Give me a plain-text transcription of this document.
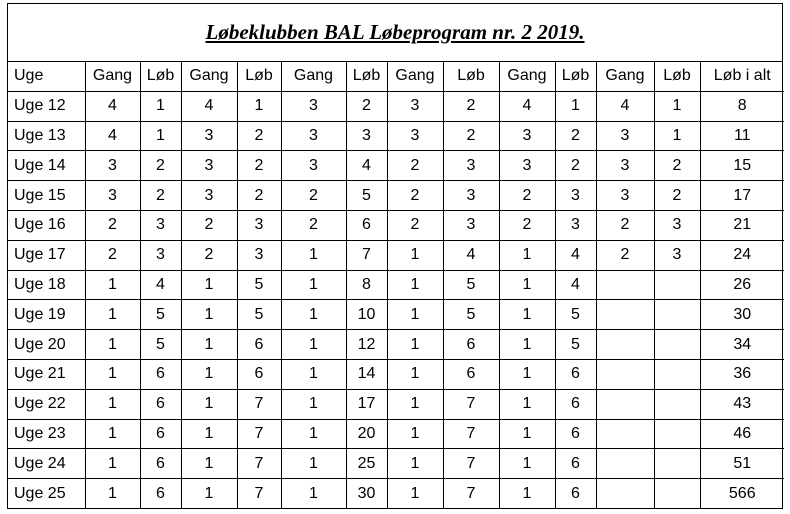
Løbeklubben BAL Løbeprogram nr. 2 2019.
Uge	Gang	Løb	Gang	Løb	Gang	Løb	Gang	Løb	Gang	Løb	Gang	Løb	Løb i alt
Uge 12	4	1	4	1	3	2	3	2	4	1	4	1	8
Uge 13	4	1	3	2	3	3	3	2	3	2	3	1	11
Uge 14	3	2	3	2	3	4	2	3	3	2	3	2	15
Uge 15	3	2	3	2	2	5	2	3	2	3	3	2	17
Uge 16	2	3	2	3	2	6	2	3	2	3	2	3	21
Uge 17	2	3	2	3	1	7	1	4	1	4	2	3	24
Uge 18	1	4	1	5	1	8	1	5	1	4			26
Uge 19	1	5	1	5	1	10	1	5	1	5			30
Uge 20	1	5	1	6	1	12	1	6	1	5			34
Uge 21	1	6	1	6	1	14	1	6	1	6			36
Uge 22	1	6	1	7	1	17	1	7	1	6			43
Uge 23	1	6	1	7	1	20	1	7	1	6			46
Uge 24	1	6	1	7	1	25	1	7	1	6			51
Uge 25	1	6	1	7	1	30	1	7	1	6			566
